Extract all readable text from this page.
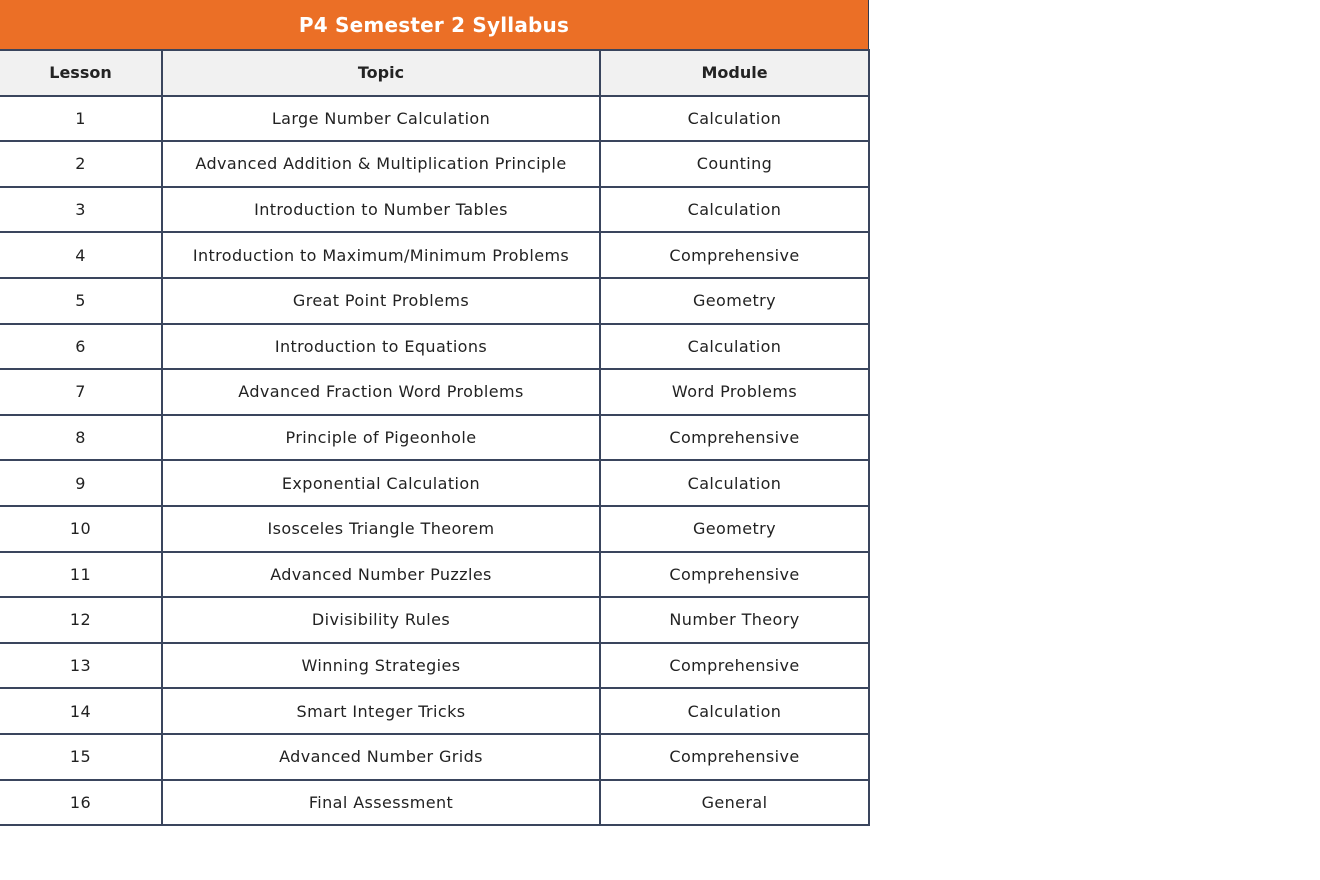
P4 Semester 2 Syllabus
Lesson	Topic	Module
1	Large Number Calculation	Calculation
2	Advanced Addition & Multiplication Principle	Counting
3	Introduction to Number Tables	Calculation
4	Introduction to Maximum/Minimum Problems	Comprehensive
5	Great Point Problems	Geometry
6	Introduction to Equations	Calculation
7	Advanced Fraction Word Problems	Word Problems
8	Principle of Pigeonhole	Comprehensive
9	Exponential Calculation	Calculation
10	Isosceles Triangle Theorem	Geometry
11	Advanced Number Puzzles	Comprehensive
12	Divisibility Rules	Number Theory
13	Winning Strategies	Comprehensive
14	Smart Integer Tricks	Calculation
15	Advanced Number Grids	Comprehensive
16	Final Assessment	General
